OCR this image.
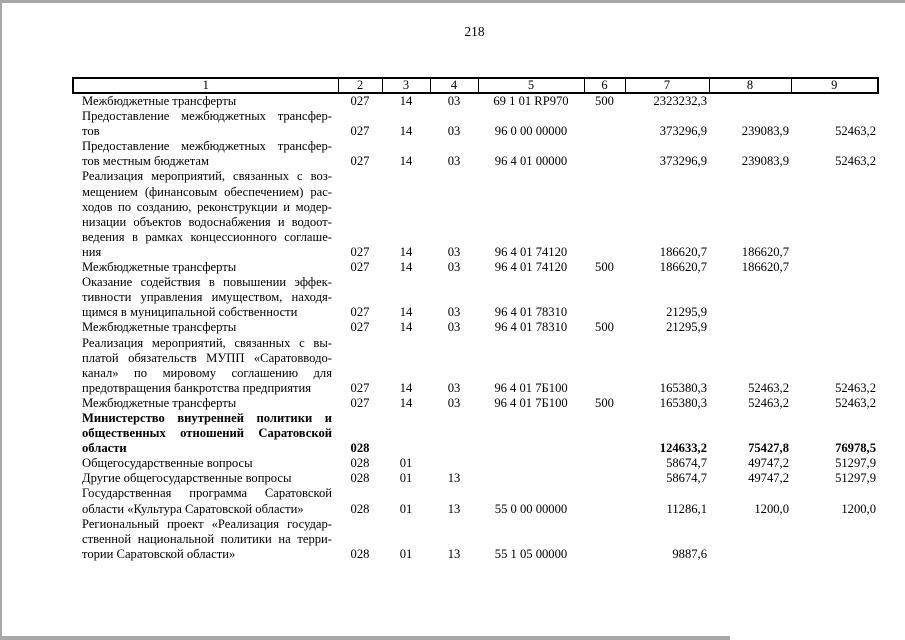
218
1	2	3	4	5	6	7	8	9

Межбюджетные трансферты	027	14	03	69 1 01 RP970	500	2323232,3		

Предоставление межбюджетных трансфер-
тов	027	14	03	96 0 00 00000		373296,9	239083,9	52463,2

Предоставление межбюджетных трансфер-
тов местным бюджетам	027	14	03	96 4 01 00000		373296,9	239083,9	52463,2

Реализация мероприятий, связанных с воз-
мещением (финансовым обеспечением) рас-
ходов по созданию, реконструкции и модер-
низации объектов водоснабжения и водоот-
ведения в рамках концессионного соглаше-
ния	027	14	03	96 4 01 74120		186620,7	186620,7	

Межбюджетные трансферты	027	14	03	96 4 01 74120	500	186620,7	186620,7	

Оказание содействия в повышении эффек-
тивности управления имуществом, находя-
щимся в муниципальной собственности	027	14	03	96 4 01 78310		21295,9		

Межбюджетные трансферты	027	14	03	96 4 01 78310	500	21295,9		

Реализация мероприятий, связанных с вы-
платой обязательств МУПП «Саратовводо-
канал» по мировому соглашению для
предотвращения банкротства предприятия	027	14	03	96 4 01 7Б100		165380,3	52463,2	52463,2

Межбюджетные трансферты	027	14	03	96 4 01 7Б100	500	165380,3	52463,2	52463,2

Министерство внутренней политики и
общественных отношений Саратовской
области	028					124633,2	75427,8	76978,5

Общегосударственные вопросы	028	01				58674,7	49747,2	51297,9

Другие общегосударственные вопросы	028	01	13			58674,7	49747,2	51297,9

Государственная программа Саратовской
области «Культура Саратовской области»	028	01	13	55 0 00 00000		11286,1	1200,0	1200,0

Региональный проект «Реализация государ-
ственной национальной политики на терри-
тории Саратовской области»	028	01	13	55 1 05 00000		9887,6		
